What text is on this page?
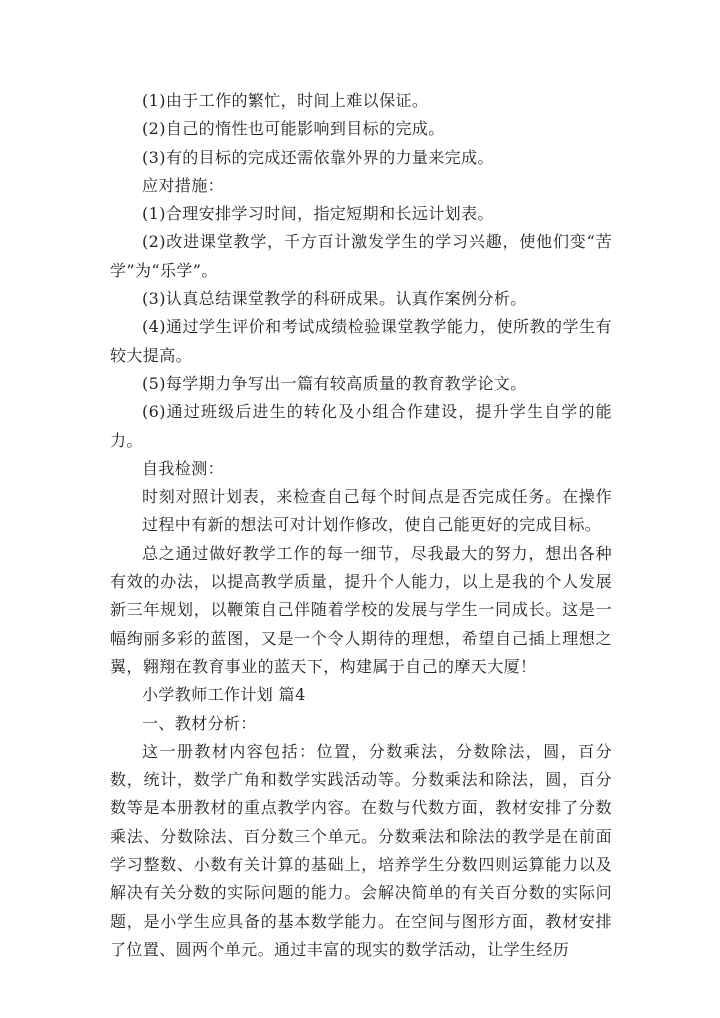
(1)由于工作的繁忙，时间上难以保证。

(2)自己的惰性也可能影响到目标的完成。

(3)有的目标的完成还需依靠外界的力量来完成。

应对措施：

(1)合理安排学习时间，指定短期和长远计划表。

(2)改进课堂教学，千方百计激发学生的学习兴趣，使他们变“苦学”为“乐学”。

(3)认真总结课堂教学的科研成果。认真作案例分析。

(4)通过学生评价和考试成绩检验课堂教学能力，使所教的学生有较大提高。

(5)每学期力争写出一篇有较高质量的教育教学论文。

(6)通过班级后进生的转化及小组合作建设，提升学生自学的能力。

自我检测：

时刻对照计划表，来检查自己每个时间点是否完成任务。在操作过程中有新的想法可对计划作修改，使自己能更好的完成目标。

总之通过做好教学工作的每一细节，尽我最大的努力，想出各种有效的办法，以提高教学质量，提升个人能力，以上是我的个人发展新三年规划，以鞭策自己伴随着学校的发展与学生一同成长。这是一幅绚丽多彩的蓝图，又是一个令人期待的理想，希望自己插上理想之翼，翱翔在教育事业的蓝天下，构建属于自己的摩天大厦！

小学教师工作计划 篇4

一、教材分析：

这一册教材内容包括：位置，分数乘法，分数除法，圆，百分数，统计，数学广角和数学实践活动等。分数乘法和除法，圆，百分数等是本册教材的重点教学内容。在数与代数方面，教材安排了分数乘法、分数除法、百分数三个单元。分数乘法和除法的教学是在前面学习整数、小数有关计算的基础上，培养学生分数四则运算能力以及解决有关分数的实际问题的能力。会解决简单的有关百分数的实际问题，是小学生应具备的基本数学能力。在空间与图形方面，教材安排了位置、圆两个单元。通过丰富的现实的数学活动，让学生经历
